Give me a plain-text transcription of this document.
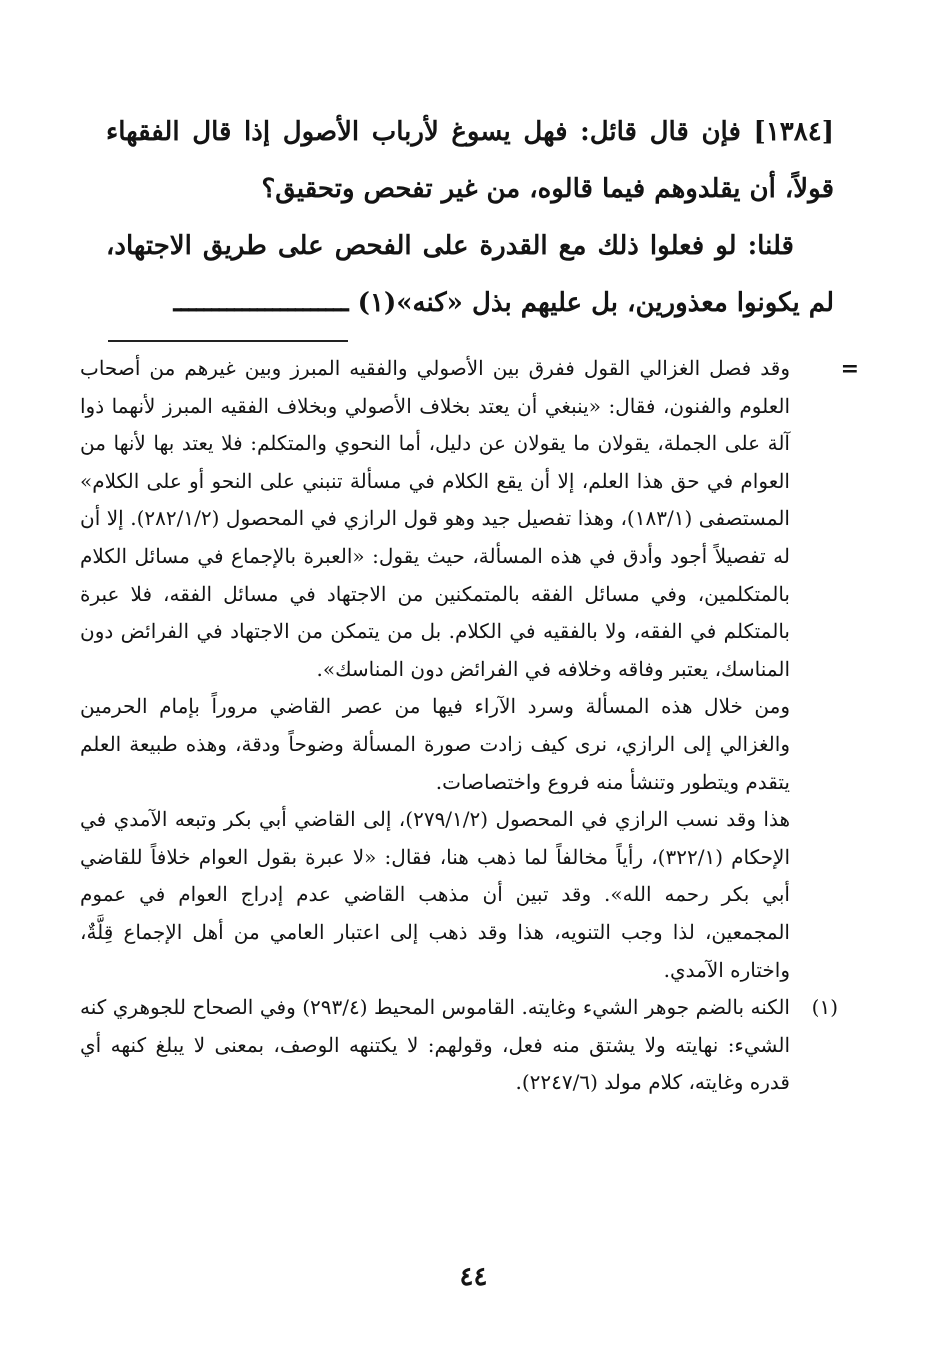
[١٣٨٤] فإن قال قائل: فهل يسوغ لأرباب الأصول إذا قال الفقهاء قولاً، أن يقلدوهم فيما قالوه، من غير تفحص وتحقيق؟

قلنا: لو فعلوا ذلك مع القدرة على الفحص على طريق الاجتهاد، لم يكونوا معذورين، بل عليهم بذل «كنه»(١) ـــــــــــــــــــــــ

=

وقد فصل الغزالي القول ففرق بين الأصولي والفقيه المبرز وبين غيرهم من أصحاب العلوم والفنون، فقال: «ينبغي أن يعتد بخلاف الأصولي وبخلاف الفقيه المبرز لأنهما ذوا آلة على الجملة، يقولان ما يقولان عن دليل، أما النحوي والمتكلم: فلا يعتد بها لأنها من العوام في حق هذا العلم، إلا أن يقع الكلام في مسألة تنبني على النحو أو على الكلام» المستصفى (١٨٣/١)، وهذا تفصيل جيد وهو قول الرازي في المحصول (٢٨٢/١/٢). إلا أن له تفصيلاً أجود وأدق في هذه المسألة، حيث يقول: «العبرة بالإجماع في مسائل الكلام بالمتكلمين، وفي مسائل الفقه بالمتمكنين من الاجتهاد في مسائل الفقه، فلا عبرة بالمتكلم في الفقه، ولا بالفقيه في الكلام. بل من يتمكن من الاجتهاد في الفرائض دون المناسك، يعتبر وفاقه وخلافه في الفرائض دون المناسك».

ومن خلال هذه المسألة وسرد الآراء فيها من عصر القاضي مروراً بإمام الحرمين والغزالي إلى الرازي، نرى كيف زادت صورة المسألة وضوحاً ودقة، وهذه طبيعة العلم يتقدم ويتطور وتنشأ منه فروع واختصاصات.

هذا وقد نسب الرازي في المحصول (٢٧٩/١/٢)، إلى القاضي أبي بكر وتبعه الآمدي في الإحكام (٣٢٢/١)، رأياً مخالفاً لما ذهب هنا، فقال: «لا عبرة بقول العوام خلافاً للقاضي أبي بكر رحمه الله». وقد تبين أن مذهب القاضي عدم إدراج العوام في عموم المجمعين، لذا وجب التنويه، هذا وقد ذهب إلى اعتبار العامي من أهل الإجماع قِلَّةٌ، واختاره الآمدي.

(١)

الكنه بالضم جوهر الشيء وغايته. القاموس المحيط (٢٩٣/٤) وفي الصحاح للجوهري كنه الشيء: نهايته ولا يشتق منه فعل، وقولهم: لا يكتنهه الوصف، بمعنى لا يبلغ كنهه أي قدره وغايته، كلام مولد (٢٢٤٧/٦).

٤٤
